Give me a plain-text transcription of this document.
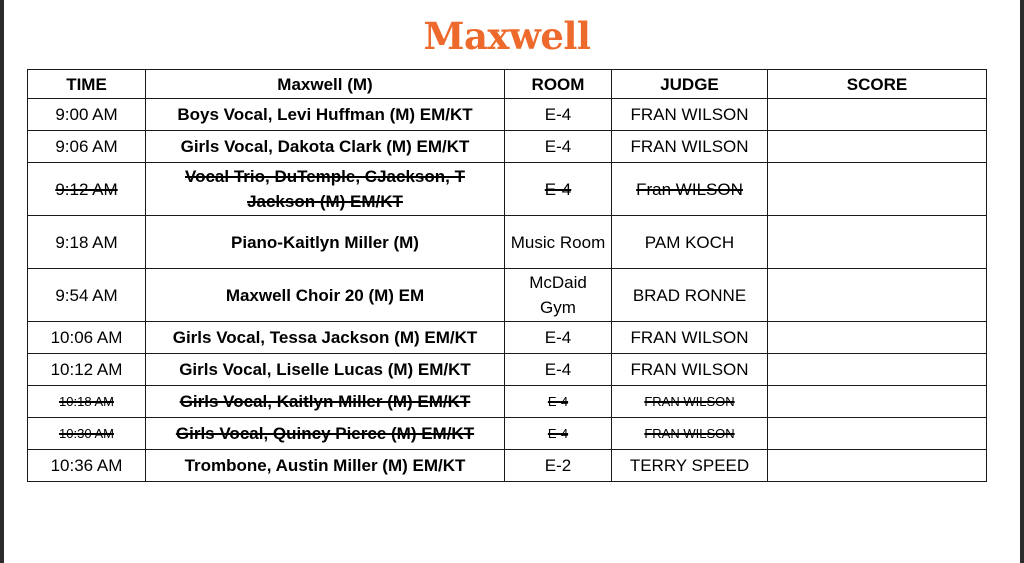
Maxwell
TIME	Maxwell (M)	ROOM	JUDGE	SCORE
9:00 AM	Boys Vocal, Levi Huffman (M) EM/KT	E-4	FRAN WILSON	
9:06 AM	Girls Vocal, Dakota Clark (M) EM/KT	E-4	FRAN WILSON	
9:12 AM	Vocal Trio, DuTemple, CJackson, T Jackson (M) EM/KT	E-4	Fran WILSON	
9:18 AM	Piano-Kaitlyn Miller (M)	Music Room	PAM KOCH	
9:54 AM	Maxwell Choir 20 (M) EM	McDaid Gym	BRAD RONNE	
10:06 AM	Girls Vocal, Tessa Jackson (M) EM/KT	E-4	FRAN WILSON	
10:12 AM	Girls Vocal, Liselle Lucas (M) EM/KT	E-4	FRAN WILSON	
10:18 AM	Girls Vocal, Kaitlyn Miller (M) EM/KT	E-4	FRAN WILSON	
10:30 AM	Girls Vocal, Quincy Pierce (M) EM/KT	E-4	FRAN WILSON	
10:36 AM	Trombone, Austin Miller (M) EM/KT	E-2	TERRY SPEED	
